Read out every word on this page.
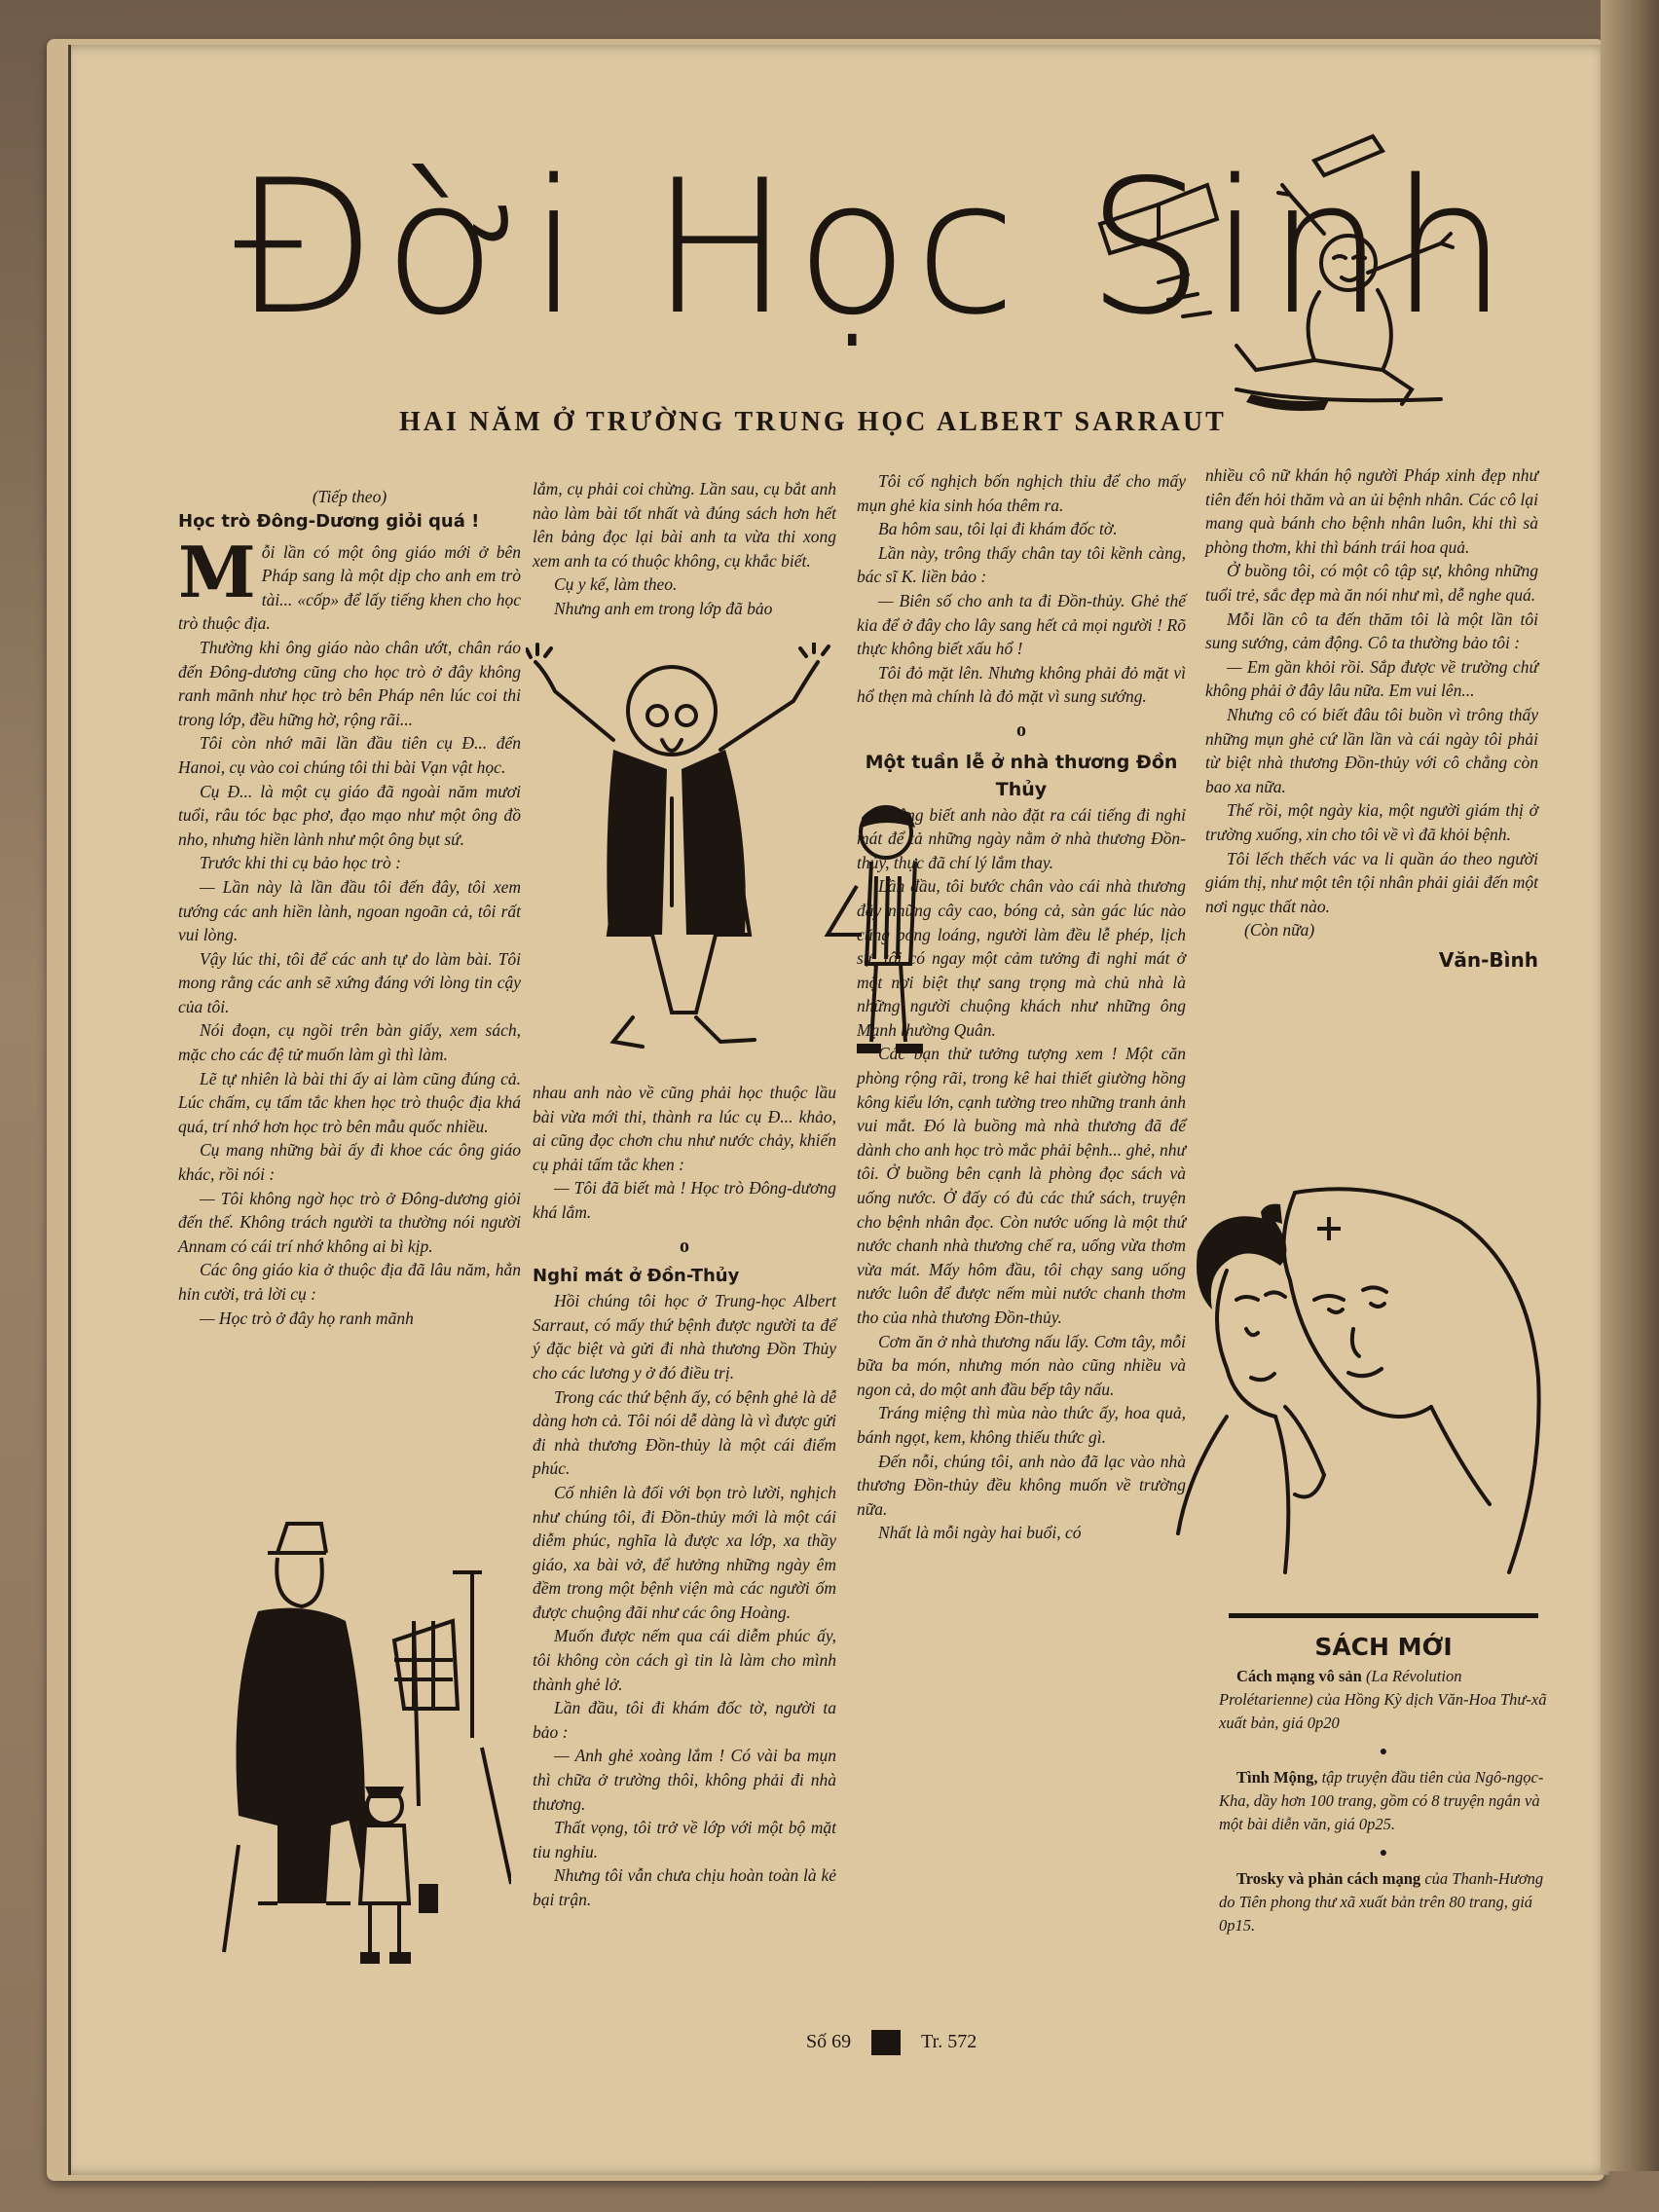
Đời Học Sinh
HAI NĂM Ở TRƯỜNG TRUNG HỌC ALBERT SARRAUT

(Tiếp theo)

Học trò Đông-Dương giỏi quá !

Mỗi lần có một ông giáo mới ở bên Pháp sang là một dịp cho anh em trò tài... «cốp» để lấy tiếng khen cho học trò thuộc địa.

Thường khi ông giáo nào chân ướt, chân ráo đến Đông-dương cũng cho học trò ở đây không ranh mãnh như học trò bên Pháp nên lúc coi thi trong lớp, đều hững hờ, rộng rãi...

Tôi còn nhớ mãi lần đầu tiên cụ Đ... đến Hanoi, cụ vào coi chúng tôi thi bài Vạn vật học.

Cụ Đ... là một cụ giáo đã ngoài năm mươi tuổi, râu tóc bạc phơ, đạo mạo như một ông đồ nho, nhưng hiền lành như một ông bụt sứ.

Trước khi thi cụ bảo học trò :

— Lần này là lần đầu tôi đến đây, tôi xem tướng các anh hiền lành, ngoan ngoãn cả, tôi rất vui lòng.

Vậy lúc thi, tôi để các anh tự do làm bài. Tôi mong rằng các anh sẽ xứng đáng với lòng tin cậy của tôi.

Nói đoạn, cụ ngồi trên bàn giấy, xem sách, mặc cho các đệ tử muốn làm gì thì làm.

Lẽ tự nhiên là bài thi ấy ai làm cũng đúng cả. Lúc chấm, cụ tấm tắc khen học trò thuộc địa khá quá, trí nhớ hơn học trò bên mẫu quốc nhiều.

Cụ mang những bài ấy đi khoe các ông giáo khác, rồi nói :

— Tôi không ngờ học trò ở Đông-dương giỏi đến thế. Không trách người ta thường nói người Annam có cái trí nhớ không ai bì kịp.

Các ông giáo kia ở thuộc địa đã lâu năm, hẳn hỉn cười, trả lời cụ :

— Học trò ở đây họ ranh mãnh

lắm, cụ phải coi chừng. Lần sau, cụ bắt anh nào làm bài tốt nhất và đúng sách hơn hết lên bảng đọc lại bài anh ta vừa thi xong xem anh ta có thuộc không, cụ khắc biết.

Cụ y kế, làm theo.

Nhưng anh em trong lớp đã bảo

nhau anh nào về cũng phải học thuộc lầu bài vừa mới thi, thành ra lúc cụ Đ... khảo, ai cũng đọc chơn chu như nước chảy, khiến cụ phải tấm tắc khen :

— Tôi đã biết mà ! Học trò Đông-dương khá lắm.

o
Nghỉ mát ở Đồn-Thủy

Hồi chúng tôi học ở Trung-học Albert Sarraut, có mấy thứ bệnh được người ta để ý đặc biệt và gửi đi nhà thương Đồn Thủy cho các lương y ở đó điều trị.

Trong các thứ bệnh ấy, có bệnh ghẻ là dễ dàng hơn cả. Tôi nói dễ dàng là vì được gửi đi nhà thương Đồn-thủy là một cái điểm phúc.

Cố nhiên là đối với bọn trò lười, nghịch như chúng tôi, đi Đồn-thủy mới là một cái diễm phúc, nghĩa là được xa lớp, xa thầy giáo, xa bài vở, để hưởng những ngày êm đềm trong một bệnh viện mà các người ốm được chuộng đãi như các ông Hoàng.

Muốn được nếm qua cái diễm phúc ấy, tôi không còn cách gì tin là làm cho mình thành ghẻ lở.

Lần đầu, tôi đi khám đốc tờ, người ta bảo :

— Anh ghẻ xoàng lắm ! Có vài ba mụn thì chữa ở trường thôi, không phải đi nhà thương.

Thất vọng, tôi trở về lớp với một bộ mặt tiu nghỉu.

Nhưng tôi vẫn chưa chịu hoàn toàn là kẻ bại trận.

Tôi cố nghịch bốn nghịch thỉu để cho mấy mụn ghẻ kia sinh hóa thêm ra.

Ba hôm sau, tôi lại đi khám đốc tờ.

Lần này, trông thấy chân tay tôi kềnh càng, bác sĩ K. liền bảo :

— Biên số cho anh ta đi Đồn-thủy. Ghẻ thế kia để ở đây cho lây sang hết cả mọi người ! Rõ thực không biết xấu hổ !

Tôi đỏ mặt lên. Nhưng không phải đỏ mặt vì hổ thẹn mà chính là đỏ mặt vì sung sướng.

o
Một tuần lễ ở nhà thương Đồn Thủy

Không biết anh nào đặt ra cái tiếng đi nghỉ mát để tả những ngày nằm ở nhà thương Đồn-thủy, thực đã chí lý lắm thay.

Lần đầu, tôi bước chân vào cái nhà thương đầy những cây cao, bóng cả, sàn gác lúc nào cũng bóng loáng, người làm đều lễ phép, lịch sự, tôi có ngay một cảm tưởng đi nghỉ mát ở một nơi biệt thự sang trọng mà chủ nhà là những người chuộng khách như những ông Mạnh thường Quân.

Các bạn thử tưởng tượng xem ! Một căn phòng rộng rãi, trong kê hai thiết giường hồng kông kiểu lớn, cạnh tường treo những tranh ảnh vui mắt. Đó là buồng mà nhà thương đã để dành cho anh học trò mắc phải bệnh... ghẻ, như tôi. Ở buồng bên cạnh là phòng đọc sách và uống nước. Ở đấy có đủ các thứ sách, truyện cho bệnh nhân đọc. Còn nước uống là một thứ nước chanh nhà thương chế ra, uống vừa thơm vừa mát. Mấy hôm đầu, tôi chạy sang uống nước luôn để được nếm mùi nước chanh thơm tho của nhà thương Đồn-thủy.

Cơm ăn ở nhà thương nấu lấy. Cơm tây, mỗi bữa ba món, nhưng món nào cũng nhiều và ngon cả, do một anh đầu bếp tây nấu.

Tráng miệng thì mùa nào thức ấy, hoa quả, bánh ngọt, kem, không thiếu thức gì.

Đến nỗi, chúng tôi, anh nào đã lạc vào nhà thương Đồn-thủy đều không muốn về trường nữa.

Nhất là mỗi ngày hai buổi, có

nhiều cô nữ khán hộ người Pháp xinh đẹp như tiên đến hỏi thăm và an ủi bệnh nhân. Các cô lại mang quà bánh cho bệnh nhân luôn, khi thì sà phòng thơm, khi thì bánh trái hoa quả.

Ở buồng tôi, có một cô tập sự, không những tuổi trẻ, sắc đẹp mà ăn nói như mì, dễ nghe quá.

Mỗi lần cô ta đến thăm tôi là một lần tôi sung sướng, cảm động. Cô ta thường bảo tôi :

— Em gần khỏi rồi. Sắp được về trường chứ không phải ở đây lâu nữa. Em vui lên...

Nhưng cô có biết đâu tôi buồn vì trông thấy những mụn ghẻ cứ lần lần và cái ngày tôi phải từ biệt nhà thương Đồn-thủy với cô chẳng còn bao xa nữa.

Thế rồi, một ngày kia, một người giám thị ở trường xuống, xin cho tôi về vì đã khỏi bệnh.

Tôi lếch thếch vác va li quần áo theo người giám thị, như một tên tội nhân phải giải đến một nơi ngục thất nào.

(Còn nữa)

Văn-Bình
SÁCH MỚI

Cách mạng vô sản (La Révolution Prolétarienne) của Hồng Kỳ dịch Văn-Hoa Thư-xã xuất bản, giá 0p20

●

Tình Mộng, tập truyện đầu tiên của Ngô-ngọc-Kha, dầy hơn 100 trang, gồm có 8 truyện ngắn và một bài diễn văn, giá 0p25.

●

Trosky và phản cách mạng của Thanh-Hương do Tiên phong thư xã xuất bản trên 80 trang, giá 0p15.

Số 69	Tr. 572
